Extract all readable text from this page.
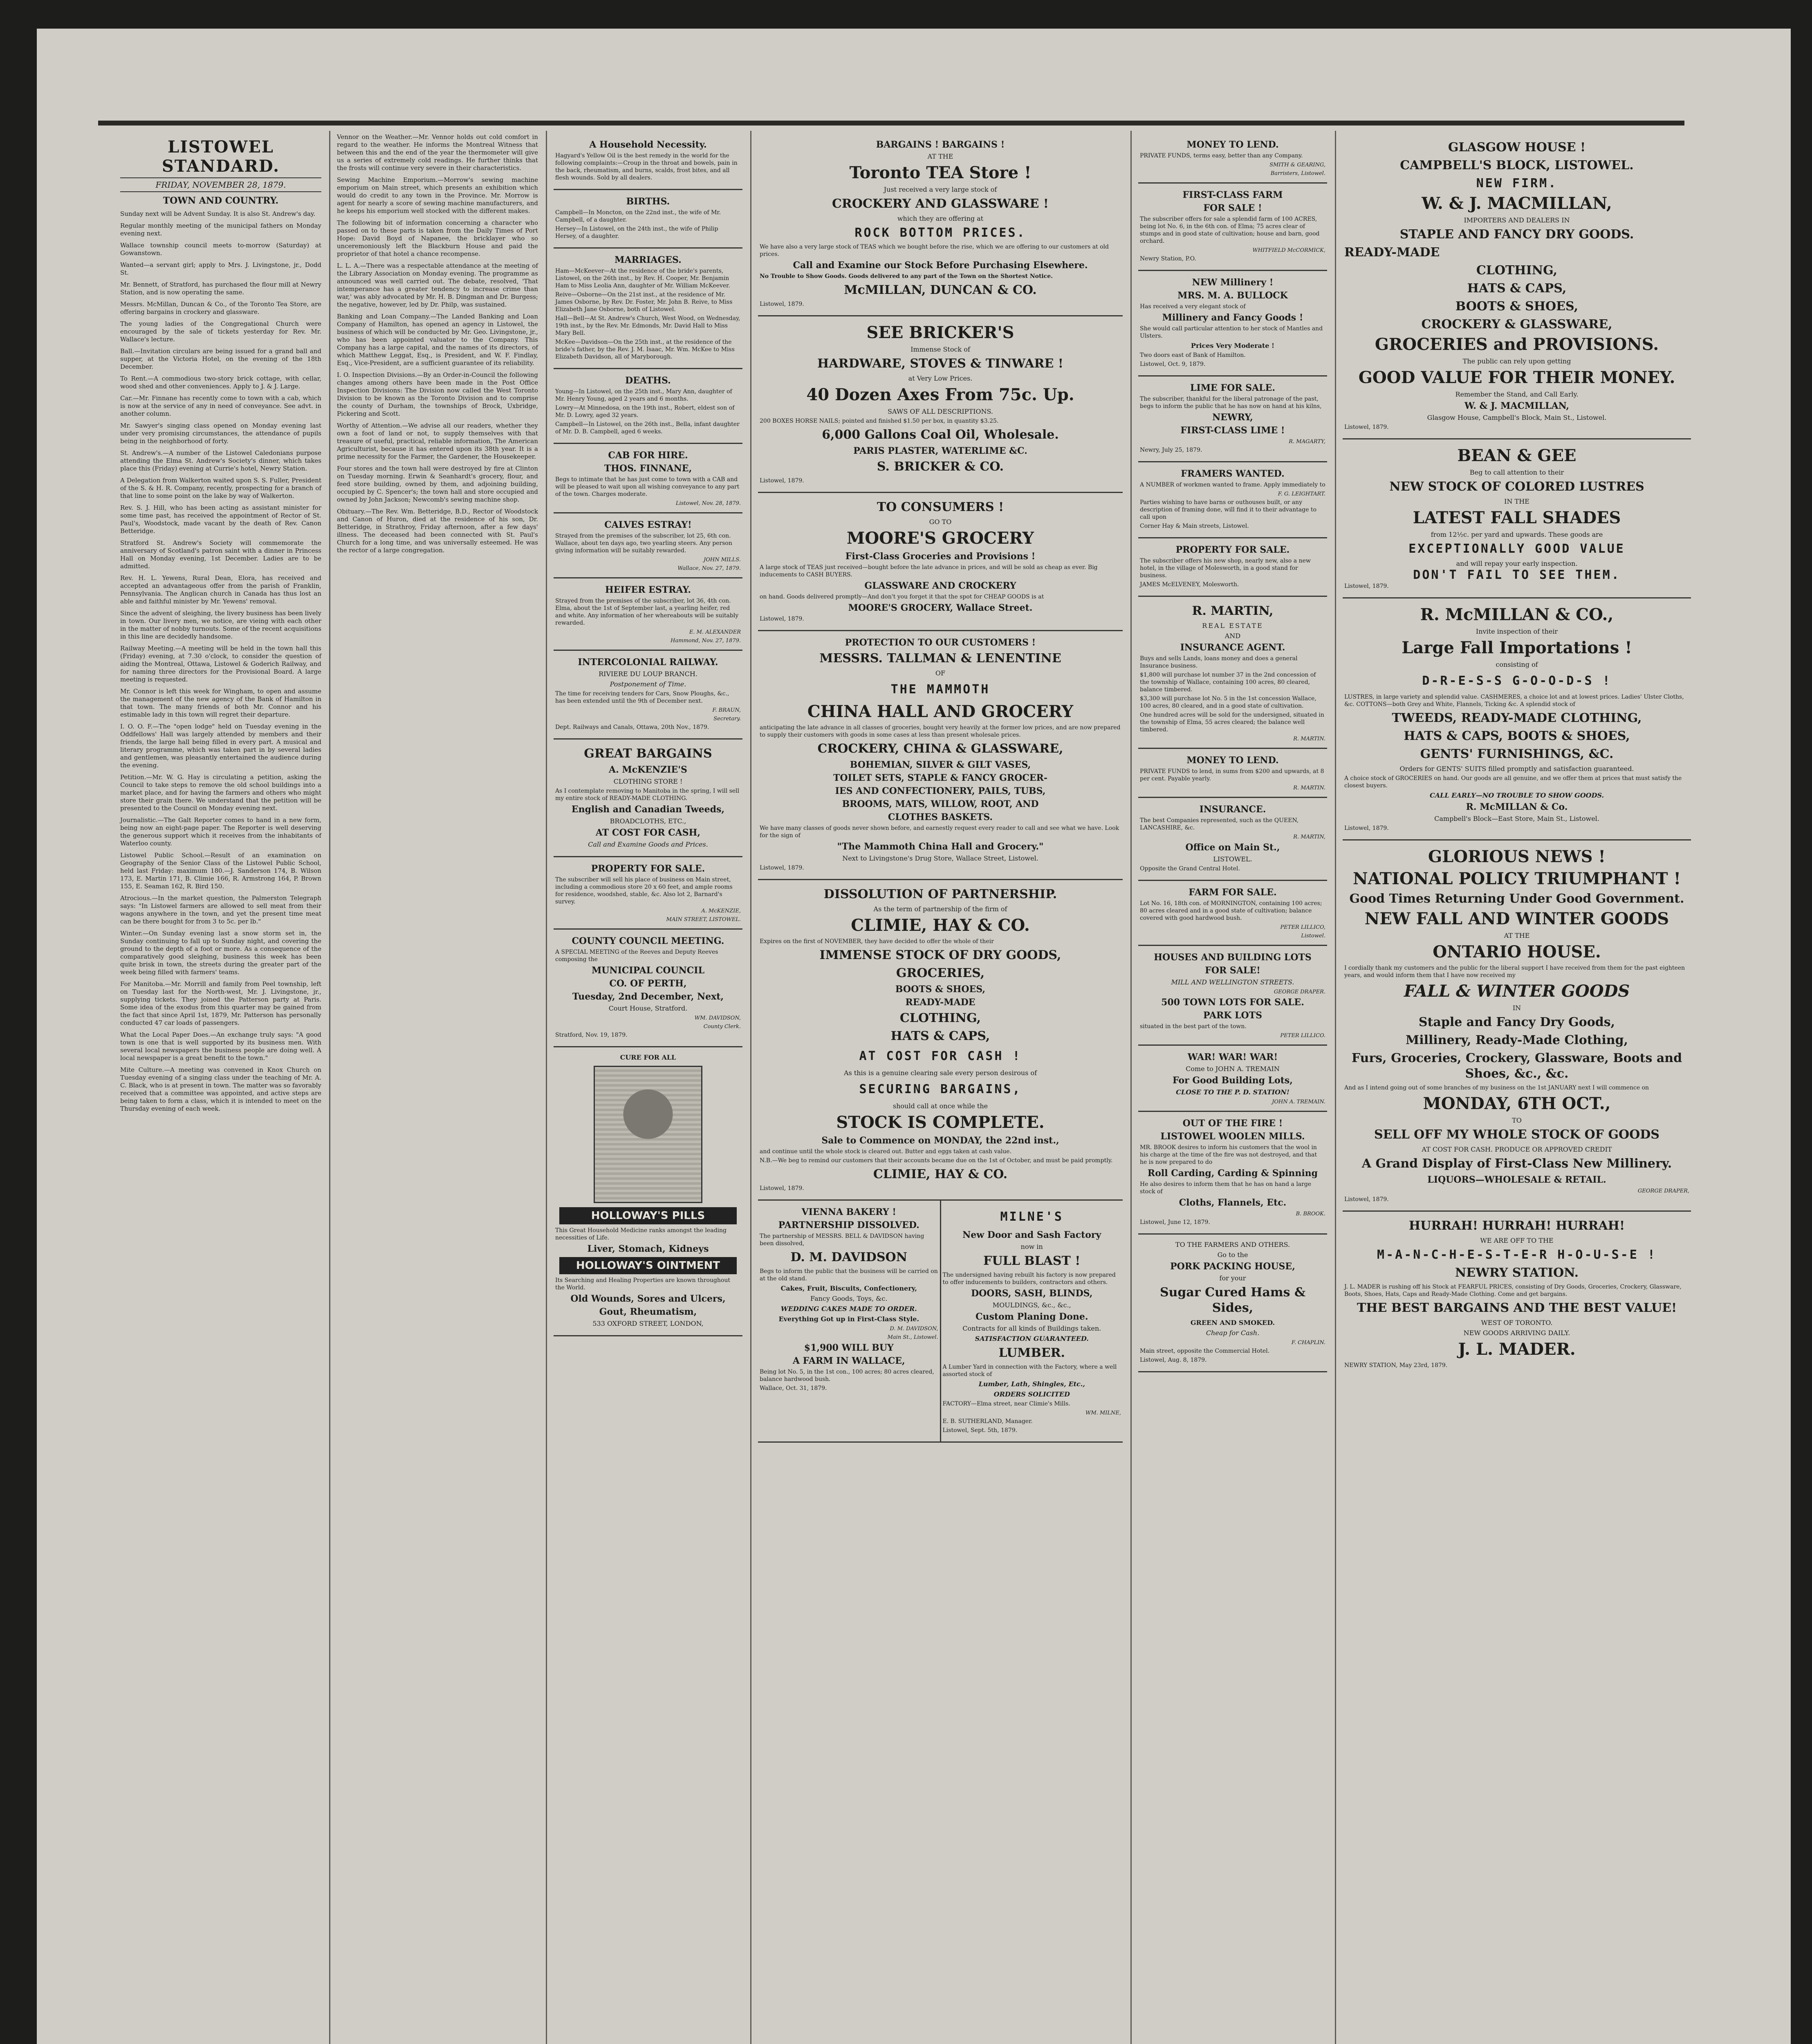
LISTOWEL STANDARD.
FRIDAY, NOVEMBER 28, 1879.
TOWN AND COUNTRY.

Sunday next will be Advent Sunday. It is also St. Andrew's day.

Regular monthly meeting of the municipal fathers on Monday evening next.

Wallace township council meets to-morrow (Saturday) at Gowanstown.

Wanted—a servant girl; apply to Mrs. J. Livingstone, jr., Dodd St.

Mr. Bennett, of Stratford, has purchased the flour mill at Newry Station, and is now operating the same.

Messrs. McMillan, Duncan & Co., of the Toronto Tea Store, are offering bargains in crockery and glassware.

The young ladies of the Congregational Church were encouraged by the sale of tickets yesterday for Rev. Mr. Wallace's lecture.

Ball.—Invitation circulars are being issued for a grand ball and supper, at the Victoria Hotel, on the evening of the 18th December.

To Rent.—A commodious two-story brick cottage, with cellar, wood shed and other conveniences. Apply to J. & J. Large.

Car.—Mr. Finnane has recently come to town with a cab, which is now at the service of any in need of conveyance. See advt. in another column.

Mr. Sawyer's singing class opened on Monday evening last under very promising circumstances, the attendance of pupils being in the neighborhood of forty.

St. Andrew's.—A number of the Listowel Caledonians purpose attending the Elma St. Andrew's Society's dinner, which takes place this (Friday) evening at Currie's hotel, Newry Station.

A Delegation from Walkerton waited upon S. S. Fuller, President of the S. & H. R. Company, recently, prospecting for a branch of that line to some point on the lake by way of Walkerton.

Rev. S. J. Hill, who has been acting as assistant minister for some time past, has received the appointment of Rector of St. Paul's, Woodstock, made vacant by the death of Rev. Canon Betteridge.

Stratford St. Andrew's Society will commemorate the anniversary of Scotland's patron saint with a dinner in Princess Hall on Monday evening, 1st December. Ladies are to be admitted.

Rev. H. L. Yewens, Rural Dean, Elora, has received and accepted an advantageous offer from the parish of Franklin, Pennsylvania. The Anglican church in Canada has thus lost an able and faithful minister by Mr. Yewens' removal.

Since the advent of sleighing, the livery business has been lively in town. Our livery men, we notice, are vieing with each other in the matter of nobby turnouts. Some of the recent acquisitions in this line are decidedly handsome.

Railway Meeting.—A meeting will be held in the town hall this (Friday) evening, at 7.30 o'clock, to consider the question of aiding the Montreal, Ottawa, Listowel & Goderich Railway, and for naming three directors for the Provisional Board. A large meeting is requested.

Mr. Connor is left this week for Wingham, to open and assume the management of the new agency of the Bank of Hamilton in that town. The many friends of both Mr. Connor and his estimable lady in this town will regret their departure.

I. O. O. F.—The "open lodge" held on Tuesday evening in the Oddfellows' Hall was largely attended by members and their friends, the large hall being filled in every part. A musical and literary programme, which was taken part in by several ladies and gentlemen, was pleasantly entertained the audience during the evening.

Petition.—Mr. W. G. Hay is circulating a petition, asking the Council to take steps to remove the old school buildings into a market place, and for having the farmers and others who might store their grain there. We understand that the petition will be presented to the Council on Monday evening next.

Journalistic.—The Galt Reporter comes to hand in a new form, being now an eight-page paper. The Reporter is well deserving the generous support which it receives from the inhabitants of Waterloo county.

Listowel Public School.—Result of an examination on Geography of the Senior Class of the Listowel Public School, held last Friday: maximum 180.—J. Sanderson 174, B. Wilson 173, E. Martin 171, B. Climie 166, R. Armstrong 164, P. Brown 155, E. Seaman 162, R. Bird 150.

Atrocious.—In the market question, the Palmerston Telegraph says: "In Listowel farmers are allowed to sell meat from their wagons anywhere in the town, and yet the present time meat can be there bought for from 3 to 5c. per lb."

Winter.—On Sunday evening last a snow storm set in, the Sunday continuing to fall up to Sunday night, and covering the ground to the depth of a foot or more. As a consequence of the comparatively good sleighing, business this week has been quite brisk in town, the streets during the greater part of the week being filled with farmers' teams.

For Manitoba.—Mr. Morrill and family from Peel township, left on Tuesday last for the North-west, Mr. J. Livingstone, jr., supplying tickets. They joined the Patterson party at Paris. Some idea of the exodus from this quarter may be gained from the fact that since April 1st, 1879, Mr. Patterson has personally conducted 47 car loads of passengers.

What the Local Paper Does.—An exchange truly says: "A good town is one that is well supported by its business men. With several local newspapers the business people are doing well. A local newspaper is a great benefit to the town."

Mite Culture.—A meeting was convened in Knox Church on Tuesday evening of a singing class under the teaching of Mr. A. C. Black, who is at present in town. The matter was so favorably received that a committee was appointed, and active steps are being taken to form a class, which it is intended to meet on the Thursday evening of each week.

Vennor on the Weather.—Mr. Vennor holds out cold comfort in regard to the weather. He informs the Montreal Witness that between this and the end of the year the thermometer will give us a series of extremely cold readings. He further thinks that the frosts will continue very severe in their characteristics.

Sewing Machine Emporium.—Morrow's sewing machine emporium on Main street, which presents an exhibition which would do credit to any town in the Province. Mr. Morrow is agent for nearly a score of sewing machine manufacturers, and he keeps his emporium well stocked with the different makes.

The following bit of information concerning a character who passed on to these parts is taken from the Daily Times of Port Hope: David Boyd of Napanee, the bricklayer who so unceremoniously left the Blackburn House and paid the proprietor of that hotel a chance recompense.

L. L. A.—There was a respectable attendance at the meeting of the Library Association on Monday evening. The programme as announced was well carried out. The debate, resolved, 'That intemperance has a greater tendency to increase crime than war,' was ably advocated by Mr. H. B. Dingman and Dr. Burgess; the negative, however, led by Dr. Philp, was sustained.

Banking and Loan Company.—The Landed Banking and Loan Company of Hamilton, has opened an agency in Listowel, the business of which will be conducted by Mr. Geo. Livingstone, jr., who has been appointed valuator to the Company. This Company has a large capital, and the names of its directors, of which Matthew Leggat, Esq., is President, and W. F. Findlay, Esq., Vice-President, are a sufficient guarantee of its reliability.

I. O. Inspection Divisions.—By an Order-in-Council the following changes among others have been made in the Post Office Inspection Divisions: The Division now called the West Toronto Division to be known as the Toronto Division and to comprise the county of Durham, the townships of Brock, Uxbridge, Pickering and Scott.

Worthy of Attention.—We advise all our readers, whether they own a foot of land or not, to supply themselves with that treasure of useful, practical, reliable information, The American Agriculturist, because it has entered upon its 38th year. It is a prime necessity for the Farmer, the Gardener, the Housekeeper.

Four stores and the town hall were destroyed by fire at Clinton on Tuesday morning. Erwin & Seanhardt's grocery, flour, and feed store building, owned by them, and adjoining building, occupied by C. Spencer's; the town hall and store occupied and owned by John Jackson; Newcomb's sewing machine shop.

Obituary.—The Rev. Wm. Betteridge, B.D., Rector of Woodstock and Canon of Huron, died at the residence of his son, Dr. Betteridge, in Strathroy, Friday afternoon, after a few days' illness. The deceased had been connected with St. Paul's Church for a long time, and was universally esteemed. He was the rector of a large congregation.

A Household Necessity.
Hagyard's Yellow Oil is the best remedy in the world for the following complaints:—Croup in the throat and bowels, pain in the back, rheumatism, and burns, scalds, frost bites, and all flesh wounds. Sold by all dealers.
BIRTHS.
Campbell—In Moncton, on the 22nd inst., the wife of Mr. Campbell, of a daughter.
Hersey—In Listowel, on the 24th inst., the wife of Philip Hersey, of a daughter.
MARRIAGES.
Ham—McKeever—At the residence of the bride's parents, Listowel, on the 26th inst., by Rev. H. Cooper, Mr. Benjamin Ham to Miss Leolia Ann, daughter of Mr. William McKeever.
Reive—Osborne—On the 21st inst., at the residence of Mr. James Osborne, by Rev. Dr. Foster, Mr. John B. Reive, to Miss Elizabeth Jane Osborne, both of Listowel.
Hall—Bell—At St. Andrew's Church, West Wood, on Wednesday, 19th inst., by the Rev. Mr. Edmonds, Mr. David Hall to Miss Mary Bell.
McKee—Davidson—On the 25th inst., at the residence of the bride's father, by the Rev. J. M. Isaac, Mr. Wm. McKee to Miss Elizabeth Davidson, all of Maryborough.
DEATHS.
Young—In Listowel, on the 25th inst., Mary Ann, daughter of Mr. Henry Young, aged 2 years and 6 months.
Lowry—At Minnedosa, on the 19th inst., Robert, eldest son of Mr. D. Lowry, aged 32 years.
Campbell—In Listowel, on the 26th inst., Bella, infant daughter of Mr. D. B. Campbell, aged 6 weeks.
CAB FOR HIRE.
THOS. FINNANE,
Begs to intimate that he has just come to town with a CAB and will be pleased to wait upon all wishing conveyance to any part of the town. Charges moderate.
Listowel, Nov. 28, 1879.
CALVES ESTRAY!
Strayed from the premises of the subscriber, lot 25, 6th con. Wallace, about ten days ago, two yearling steers. Any person giving information will be suitably rewarded.
JOHN MILLS.
Wallace, Nov. 27, 1879.
HEIFER ESTRAY.
Strayed from the premises of the subscriber, lot 36, 4th con. Elma, about the 1st of September last, a yearling heifer, red and white. Any information of her whereabouts will be suitably rewarded.
E. M. ALEXANDER
Hammond, Nov. 27, 1879.
INTERCOLONIAL RAILWAY.
RIVIERE DU LOUP BRANCH.
Postponement of Time.
The time for receiving tenders for Cars, Snow Ploughs, &c., has been extended until the 9th of December next.
F. BRAUN,
Secretary.
Dept. Railways and Canals, Ottawa, 20th Nov., 1879.
GREAT BARGAINS
A. McKENZIE'S
CLOTHING STORE !
As I contemplate removing to Manitoba in the spring, I will sell my entire stock of READY-MADE CLOTHING.
English and Canadian Tweeds,
BROADCLOTHS, ETC.,
AT COST FOR CASH,
Call and Examine Goods and Prices.
PROPERTY FOR SALE.
The subscriber will sell his place of business on Main street, including a commodious store 20 x 60 feet, and ample rooms for residence, woodshed, stable, &c. Also lot 2, Barnard's survey.
A. McKENZIE,
MAIN STREET, LISTOWEL.
COUNTY COUNCIL MEETING.
A SPECIAL MEETING of the Reeves and Deputy Reeves composing the
MUNICIPAL COUNCIL
CO. OF PERTH,
Tuesday, 2nd December, Next,
Court House, Stratford.
WM. DAVIDSON,
County Clerk.
Stratford, Nov. 19, 1879.
CURE FOR ALL
HOLLOWAY'S PILLS
This Great Household Medicine ranks amongst the leading necessities of Life.
Liver, Stomach, Kidneys
HOLLOWAY'S OINTMENT
Its Searching and Healing Properties are known throughout the World.
Old Wounds, Sores and Ulcers,
Gout, Rheumatism,
533 OXFORD STREET, LONDON,
BARGAINS ! BARGAINS !
AT THE
Toronto TEA Store !
Just received a very large stock of
CROCKERY AND GLASSWARE !
which they are offering at
ROCK BOTTOM PRICES.
We have also a very large stock of TEAS which we bought before the rise, which we are offering to our customers at old prices.
Call and Examine our Stock Before Purchasing Elsewhere.
No Trouble to Show Goods. Goods delivered to any part of the Town on the Shortest Notice.
McMILLAN, DUNCAN & CO.
Listowel, 1879.
SEE BRICKER'S
Immense Stock of
HARDWARE, STOVES & TINWARE !
at Very Low Prices.
40 Dozen Axes From 75c. Up.
SAWS OF ALL DESCRIPTIONS.
200 BOXES HORSE NAILS; pointed and finished $1.50 per box, in quantity $3.25.
6,000 Gallons Coal Oil, Wholesale.
PARIS PLASTER, WATERLIME &C.
S. BRICKER & CO.
Listowel, 1879.
TO CONSUMERS !
GO TO
MOORE'S GROCERY
First-Class Groceries and Provisions !
A large stock of TEAS just received—bought before the late advance in prices, and will be sold as cheap as ever. Big inducements to CASH BUYERS.
GLASSWARE AND CROCKERY
on hand. Goods delivered promptly—And don't you forget it that the spot for CHEAP GOODS is at
MOORE'S GROCERY, Wallace Street.
Listowel, 1879.
PROTECTION TO OUR CUSTOMERS !
MESSRS. TALLMAN & LENENTINE
OF
THE MAMMOTH
CHINA HALL AND GROCERY
anticipating the late advance in all classes of groceries, bought very heavily at the former low prices, and are now prepared to supply their customers with goods in some cases at less than present wholesale prices.
CROCKERY, CHINA & GLASSWARE,
BOHEMIAN, SILVER & GILT VASES,
TOILET SETS, STAPLE & FANCY GROCER-
IES AND CONFECTIONERY, PAILS, TUBS,
BROOMS, MATS, WILLOW, ROOT, AND
CLOTHES BASKETS.
We have many classes of goods never shown before, and earnestly request every reader to call and see what we have. Look for the sign of
"The Mammoth China Hall and Grocery."
Next to Livingstone's Drug Store, Wallace Street, Listowel.
Listowel, 1879.
DISSOLUTION OF PARTNERSHIP.
As the term of partnership of the firm of
CLIMIE, HAY & CO.
Expires on the first of NOVEMBER, they have decided to offer the whole of their
IMMENSE STOCK OF DRY GOODS,
GROCERIES,
BOOTS & SHOES,
READY-MADE
CLOTHING,
HATS & CAPS,
AT COST FOR CASH !
As this is a genuine clearing sale every person desirous of
SECURING BARGAINS,
should call at once while the
STOCK IS COMPLETE.
Sale to Commence on MONDAY, the 22nd inst.,
and continue until the whole stock is cleared out. Butter and eggs taken at cash value.
N.B.—We beg to remind our customers that their accounts became due on the 1st of October, and must be paid promptly.
CLIMIE, HAY & CO.
Listowel, 1879.
VIENNA BAKERY !
PARTNERSHIP DISSOLVED.
The partnership of MESSRS. BELL & DAVIDSON having been dissolved,
D. M. DAVIDSON
Begs to inform the public that the business will be carried on at the old stand.
Cakes, Fruit, Biscuits, Confectionery,
Fancy Goods, Toys, &c.
WEDDING CAKES MADE TO ORDER.
Everything Got up in First-Class Style.
D. M. DAVIDSON,
Main St., Listowel.
$1,900 WILL BUY
A FARM IN WALLACE,
Being lot No. 5, in the 1st con., 100 acres; 80 acres cleared, balance hardwood bush.
Wallace, Oct. 31, 1879.
MILNE'S
New Door and Sash Factory
now in
FULL BLAST !
The undersigned having rebuilt his factory is now prepared to offer inducements to builders, contractors and others.
DOORS, SASH, BLINDS,
MOULDINGS, &c., &c.,
Custom Planing Done.
Contracts for all kinds of Buildings taken.
SATISFACTION GUARANTEED.
LUMBER.
A Lumber Yard in connection with the Factory, where a well assorted stock of
Lumber, Lath, Shingles, Etc.,
ORDERS SOLICITED
FACTORY—Elma street, near Climie's Mills.
WM. MILNE,
E. B. SUTHERLAND, Manager.
Listowel, Sept. 5th, 1879.
MONEY TO LEND.
PRIVATE FUNDS, terms easy, better than any Company.
SMITH & GEARING,
Barristers, Listowel.
FIRST-CLASS FARM
FOR SALE !
The subscriber offers for sale a splendid farm of 100 ACRES, being lot No. 6, in the 6th con. of Elma; 75 acres clear of stumps and in good state of cultivation; house and barn, good orchard.
WHITFIELD McCORMICK,
Newry Station, P.O.
NEW Millinery !
MRS. M. A. BULLOCK
Has received a very elegant stock of
Millinery and Fancy Goods !
She would call particular attention to her stock of Mantles and Ulsters.
Prices Very Moderate !
Two doors east of Bank of Hamilton.
Listowel, Oct. 9, 1879.
LIME FOR SALE.
The subscriber, thankful for the liberal patronage of the past, begs to inform the public that he has now on hand at his kilns,
NEWRY,
FIRST-CLASS LIME !
R. MAGARTY,
Newry, July 25, 1879.
FRAMERS WANTED.
A NUMBER of workmen wanted to frame. Apply immediately to
F. G. LEIGHTART.
Parties wishing to have barns or outhouses built, or any description of framing done, will find it to their advantage to call upon
Corner Hay & Main streets, Listowel.
PROPERTY FOR SALE.
The subscriber offers his new shop, nearly new, also a new hotel, in the village of Molesworth, in a good stand for business.
JAMES McELVENEY, Molesworth.
R. MARTIN,
REAL ESTATE
AND
INSURANCE AGENT.
Buys and sells Lands, loans money and does a general Insurance business.
$1,800 will purchase lot number 37 in the 2nd concession of the township of Wallace, containing 100 acres, 80 cleared, balance timbered.
$3,300 will purchase lot No. 5 in the 1st concession Wallace, 100 acres, 80 cleared, and in a good state of cultivation.
One hundred acres will be sold for the undersigned, situated in the township of Elma, 55 acres cleared; the balance well timbered.
R. MARTIN.
MONEY TO LEND.
PRIVATE FUNDS to lend, in sums from $200 and upwards, at 8 per cent. Payable yearly.
R. MARTIN.
INSURANCE.
The best Companies represented, such as the QUEEN, LANCASHIRE, &c.
R. MARTIN,
Office on Main St.,
LISTOWEL.
Opposite the Grand Central Hotel.
FARM FOR SALE.
Lot No. 16, 18th con. of MORNINGTON, containing 100 acres; 80 acres cleared and in a good state of cultivation; balance covered with good hardwood bush.
PETER LILLICO,
Listowel.
HOUSES AND BUILDING LOTS
FOR SALE!
MILL AND WELLINGTON STREETS.
GEORGE DRAPER.
500 TOWN LOTS FOR SALE.
PARK LOTS
situated in the best part of the town.
PETER LILLICO.
WAR! WAR! WAR!
Come to JOHN A. TREMAIN
For Good Building Lots,
CLOSE TO THE P. D. STATION!
JOHN A. TREMAIN.
OUT OF THE FIRE !
LISTOWEL WOOLEN MILLS.
MR. BROOK desires to inform his customers that the wool in his charge at the time of the fire was not destroyed, and that he is now prepared to do
Roll Carding, Carding & Spinning
He also desires to inform them that he has on hand a large stock of
Cloths, Flannels, Etc.
B. BROOK.
Listowel, June 12, 1879.
TO THE FARMERS AND OTHERS.
Go to the
PORK PACKING HOUSE,
for your
Sugar Cured Hams & Sides,
GREEN AND SMOKED.
Cheap for Cash.
F. CHAPLIN.
Main street, opposite the Commercial Hotel.
Listowel, Aug. 8, 1879.
GLASGOW HOUSE !
CAMPBELL'S BLOCK, LISTOWEL.
NEW FIRM.
W. & J. MACMILLAN,
IMPORTERS AND DEALERS IN
STAPLE AND FANCY DRY GOODS.
READY-MADE
CLOTHING,
HATS & CAPS,
BOOTS & SHOES,
CROCKERY & GLASSWARE,
GROCERIES and PROVISIONS.
The public can rely upon getting
GOOD VALUE FOR THEIR MONEY.
Remember the Stand, and Call Early.
W. & J. MACMILLAN,
Glasgow House, Campbell's Block, Main St., Listowel.
Listowel, 1879.
BEAN & GEE
Beg to call attention to their
NEW STOCK OF COLORED LUSTRES
IN THE
LATEST FALL SHADES
from 12½c. per yard and upwards. These goods are
EXCEPTIONALLY GOOD VALUE
and will repay your early inspection.
DON'T FAIL TO SEE THEM.
Listowel, 1879.
R. McMILLAN & CO.,
Invite inspection of their
Large Fall Importations !
consisting of
D-R-E-S-S G-O-O-D-S !
LUSTRES, in large variety and splendid value. CASHMERES, a choice lot and at lowest prices. Ladies' Ulster Cloths, &c. COTTONS—both Grey and White, Flannels, Ticking &c. A splendid stock of
TWEEDS, READY-MADE CLOTHING,
HATS & CAPS, BOOTS & SHOES,
GENTS' FURNISHINGS, &C.
Orders for GENTS' SUITS filled promptly and satisfaction guaranteed.
A choice stock of GROCERIES on hand. Our goods are all genuine, and we offer them at prices that must satisfy the closest buyers.
CALL EARLY—NO TROUBLE TO SHOW GOODS.
R. McMILLAN & Co.
Campbell's Block—East Store, Main St., Listowel.
Listowel, 1879.
GLORIOUS NEWS !
NATIONAL POLICY TRIUMPHANT !
Good Times Returning Under Good Government.
NEW FALL AND WINTER GOODS
AT THE
ONTARIO HOUSE.
I cordially thank my customers and the public for the liberal support I have received from them for the past eighteen years, and would inform them that I have now received my
FALL & WINTER GOODS
IN
Staple and Fancy Dry Goods,
Millinery, Ready-Made Clothing,
Furs, Groceries, Crockery, Glassware, Boots and Shoes, &c., &c.
And as I intend going out of some branches of my business on the 1st JANUARY next I will commence on
MONDAY, 6TH OCT.,
TO
SELL OFF MY WHOLE STOCK OF GOODS
AT COST FOR CASH. PRODUCE OR APPROVED CREDIT
A Grand Display of First-Class New Millinery.
LIQUORS—WHOLESALE & RETAIL.
GEORGE DRAPER,
Listowel, 1879.
HURRAH! HURRAH! HURRAH!
WE ARE OFF TO THE
M-A-N-C-H-E-S-T-E-R H-O-U-S-E !
NEWRY STATION.
J. L. MADER is rushing off his Stock at FEARFUL PRICES, consisting of Dry Goods, Groceries, Crockery, Glassware, Boots, Shoes, Hats, Caps and Ready-Made Clothing. Come and get bargains.
THE BEST BARGAINS AND THE BEST VALUE!
WEST OF TORONTO.
NEW GOODS ARRIVING DAILY.
J. L. MADER.
NEWRY STATION, May 23rd, 1879.
